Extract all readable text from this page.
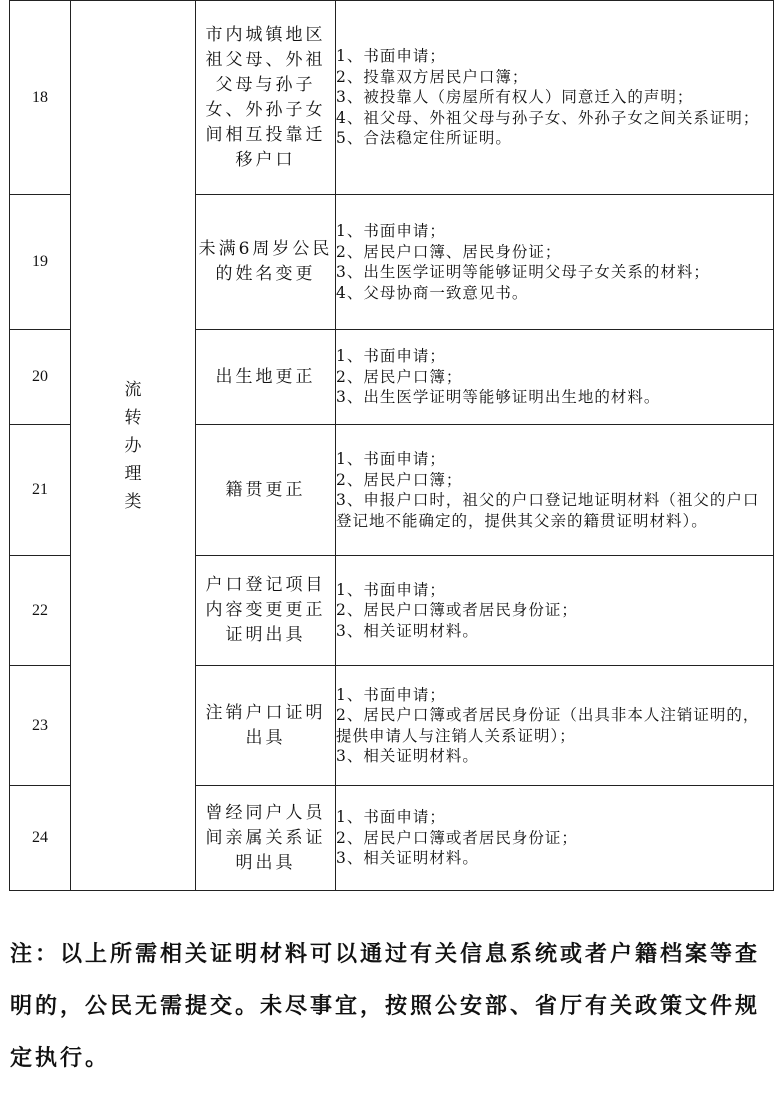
18	流转办理类	市内城镇地区祖父母、外祖父母与孙子女、外孙子女间相互投靠迁移户口	1、书面申请；
2、投靠双方居民户口簿；
3、被投靠人（房屋所有权人）同意迁入的声明；
4、祖父母、外祖父母与孙子女、外孙子女之间关系证明；
5、合法稳定住所证明。

19		未满6周岁公民的姓名变更	1、书面申请；
2、居民户口簿、居民身份证；
3、出生医学证明等能够证明父母子女关系的材料；
4、父母协商一致意见书。

20		出生地更正	1、书面申请；
2、居民户口簿；
3、出生医学证明等能够证明出生地的材料。

21		籍贯更正	1、书面申请；
2、居民户口簿；
3、申报户口时，祖父的户口登记地证明材料（祖父的户口登记地不能确定的，提供其父亲的籍贯证明材料）。

22		户口登记项目内容变更更正证明出具	1、书面申请；
2、居民户口簿或者居民身份证；
3、相关证明材料。

23		注销户口证明出具	1、书面申请；
2、居民户口簿或者居民身份证（出具非本人注销证明的，提供申请人与注销人关系证明）；
3、相关证明材料。

24		曾经同户人员间亲属关系证明出具	1、书面申请；
2、居民户口簿或者居民身份证；
3、相关证明材料。
注：以上所需相关证明材料可以通过有关信息系统或者户籍档案等查明的，公民无需提交。未尽事宜，按照公安部、省厅有关政策文件规定执行。
